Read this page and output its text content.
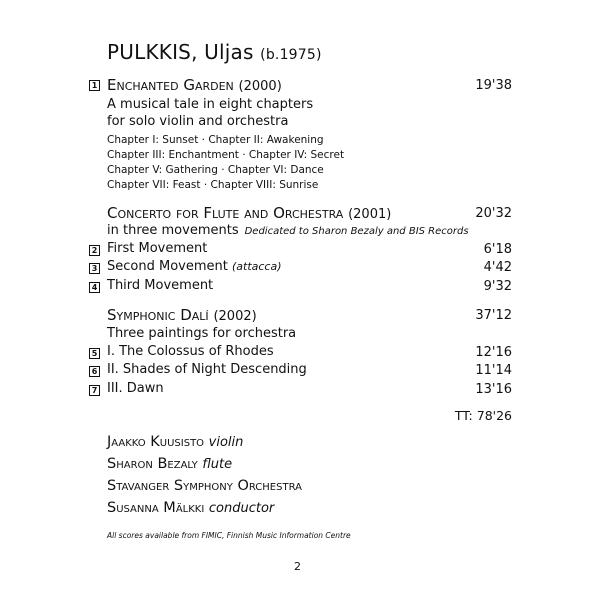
PULKKIS, Uljas (b.1975)
1 Enchanted Garden (2000)	19'38
A musical tale in eight chapters
for solo violin and orchestra
Chapter I: Sunset · Chapter II: Awakening
Chapter III: Enchantment · Chapter IV: Secret
Chapter V: Gathering · Chapter VI: Dance
Chapter VII: Feast · Chapter VIII: Sunrise
Concerto for Flute and Orchestra (2001)	20'32
in three movements Dedicated to Sharon Bezaly and BIS Records
2 First Movement	6'18
3 Second Movement (attacca)	4'42
4 Third Movement	9'32
Symphonic Dalí (2002)	37'12
Three paintings for orchestra
5 I. The Colossus of Rhodes	12'16
6 II. Shades of Night Descending	11'14
7 III. Dawn	13'16
TT: 78'26
Jaakko Kuusisto violin
Sharon Bezaly flute
Stavanger Symphony Orchestra
Susanna Mälkki conductor
All scores available from FIMIC, Finnish Music Information Centre
2
